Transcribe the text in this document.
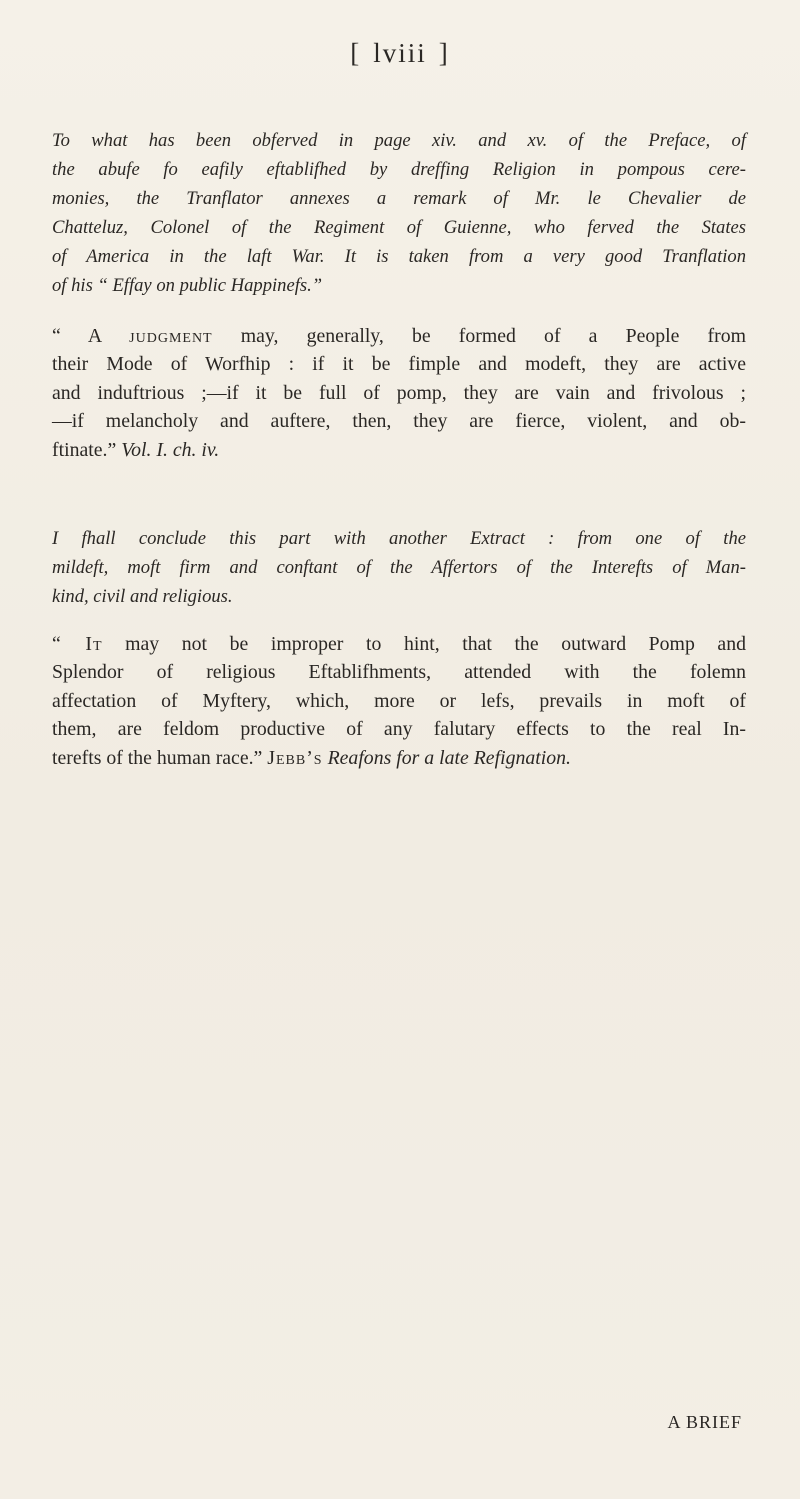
[ lviii ]
To what has been obferved in page xiv. and xv. of the Preface, of
the abufe fo eafily eftablifhed by dreffing Religion in pompous cere-
monies, the Tranflator annexes a remark of Mr. le Chevalier de
Chatteluz, Colonel of the Regiment of Guienne, who ferved the States
of America in the laft War. It is taken from a very good Tranflation
of his “ Effay on public Happinefs.”
“ A judgment may, generally, be formed of a People from
their Mode of Worfhip : if it be fimple and modeft, they are active
and induftrious ;—if it be full of pomp, they are vain and frivolous ;
—if melancholy and auftere, then, they are fierce, violent, and ob-
ftinate.” Vol. I. ch. iv.
I fhall conclude this part with another Extract : from one of the
mildeft, moft firm and conftant of the Affertors of the Interefts of Man-
kind, civil and religious.
“ It may not be improper to hint, that the outward Pomp and
Splendor of religious Eftablifhments, attended with the folemn
affectation of Myftery, which, more or lefs, prevails in moft of
them, are feldom productive of any falutary effects to the real In-
terefts of the human race.” Jebb’s Reafons for a late Refignation.
A BRIEF
